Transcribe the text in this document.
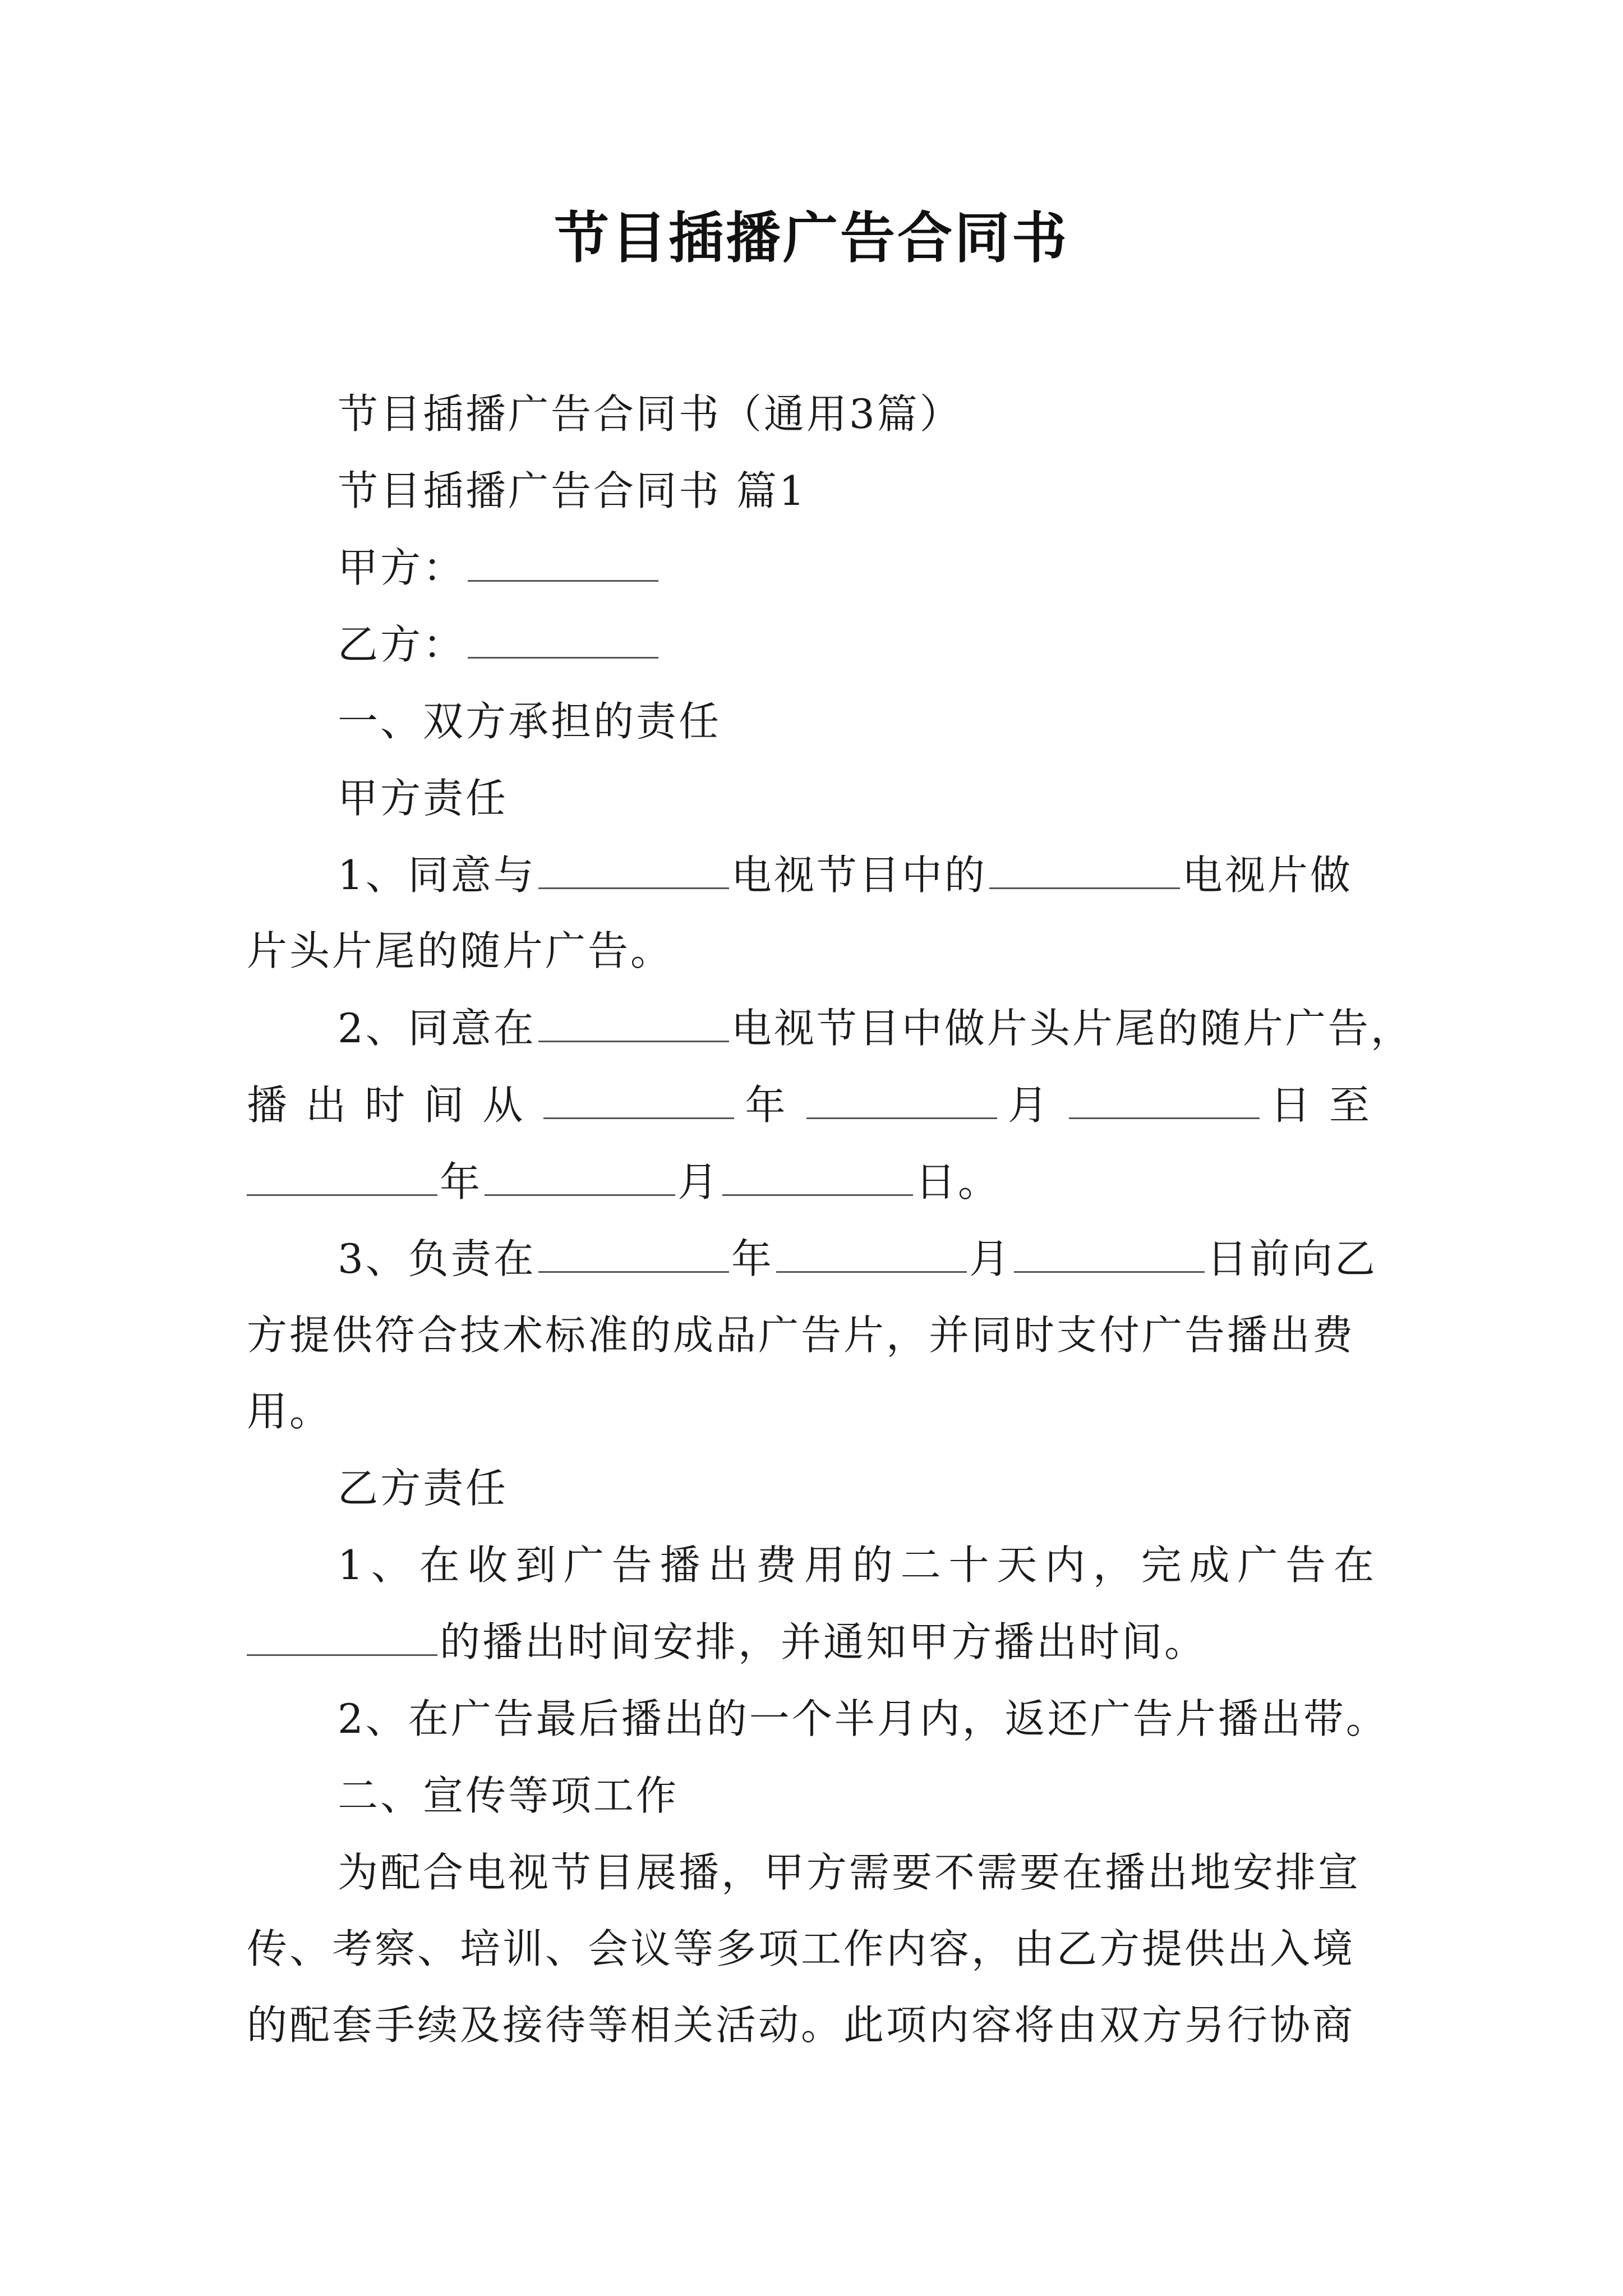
节目插播广告合同书
节目插播广告合同书（通用3篇）
节目插播广告合同书 篇1
甲方：
乙方：
一、双方承担的责任
甲方责任
1、同意与	电视节目中的	电视片做
片头片尾的随片广告。
2、同意在	电视节目中做片头片尾的随片广告，
播出时间从	年	月	日至
年	月	日。
3、负责在	年	月	日前向乙
方提供符合技术标准的成品广告片，并同时支付广告播出费
用。
乙方责任
1、在收到广告播出费用的二十天内，完成广告在
的播出时间安排，并通知甲方播出时间。
2、在广告最后播出的一个半月内，返还广告片播出带。
二、宣传等项工作
为配合电视节目展播，甲方需要不需要在播出地安排宣
传、考察、培训、会议等多项工作内容，由乙方提供出入境
的配套手续及接待等相关活动。此项内容将由双方另行协商
